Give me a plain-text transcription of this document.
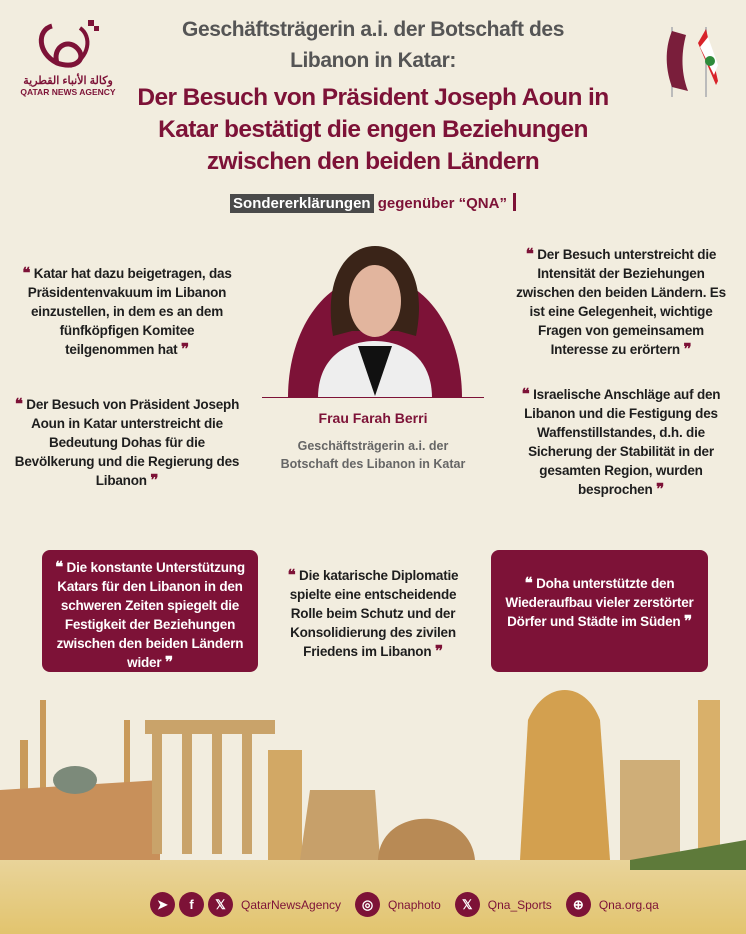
وكالة الأنباء القطرية
QATAR NEWS AGENCY
Geschäftsträgerin a.i. der Botschaft des Libanon in Katar:
Der Besuch von Präsident Joseph Aoun in Katar bestätigt die engen Beziehungen zwischen den beiden Ländern
Sondererklärungen gegenüber “QNA”
Frau Farah Berri
Geschäftsträgerin a.i. der Botschaft des Libanon in Katar
❝ Katar hat dazu beigetragen, das Präsidentenvakuum im Libanon einzustellen, in dem es an dem fünfköpfigen Komitee teilgenommen hat ❞
❝ Der Besuch von Präsident Joseph Aoun in Katar unterstreicht die Bedeutung Dohas für die Bevölkerung und die Regierung des Libanon ❞
❝ Der Besuch unterstreicht die Intensität der Beziehungen zwischen den beiden Ländern. Es ist eine Gelegenheit, wichtige Fragen von gemeinsamem Interesse zu erörtern ❞
❝ Israelische Anschläge auf den Libanon und die Festigung des Waffenstillstandes, d.h. die Sicherung der Stabilität in der gesamten Region, wurden besprochen ❞
❝ Die konstante Unterstützung Katars für den Libanon in den schweren Zeiten spiegelt die Festigkeit der Beziehungen zwischen den beiden Ländern wider ❞
❝ Die katarische Diplomatie spielte eine entscheidende Rolle beim Schutz und der Konsolidierung des zivilen Friedens im Libanon ❞
❝ Doha unterstützte den Wiederaufbau vieler zerstörter Dörfer und Städte im Süden ❞
➤	f	𝕏	QatarNewsAgency	◎	Qnaphoto	𝕏	Qna_Sports	⊕	Qna.org.qa
